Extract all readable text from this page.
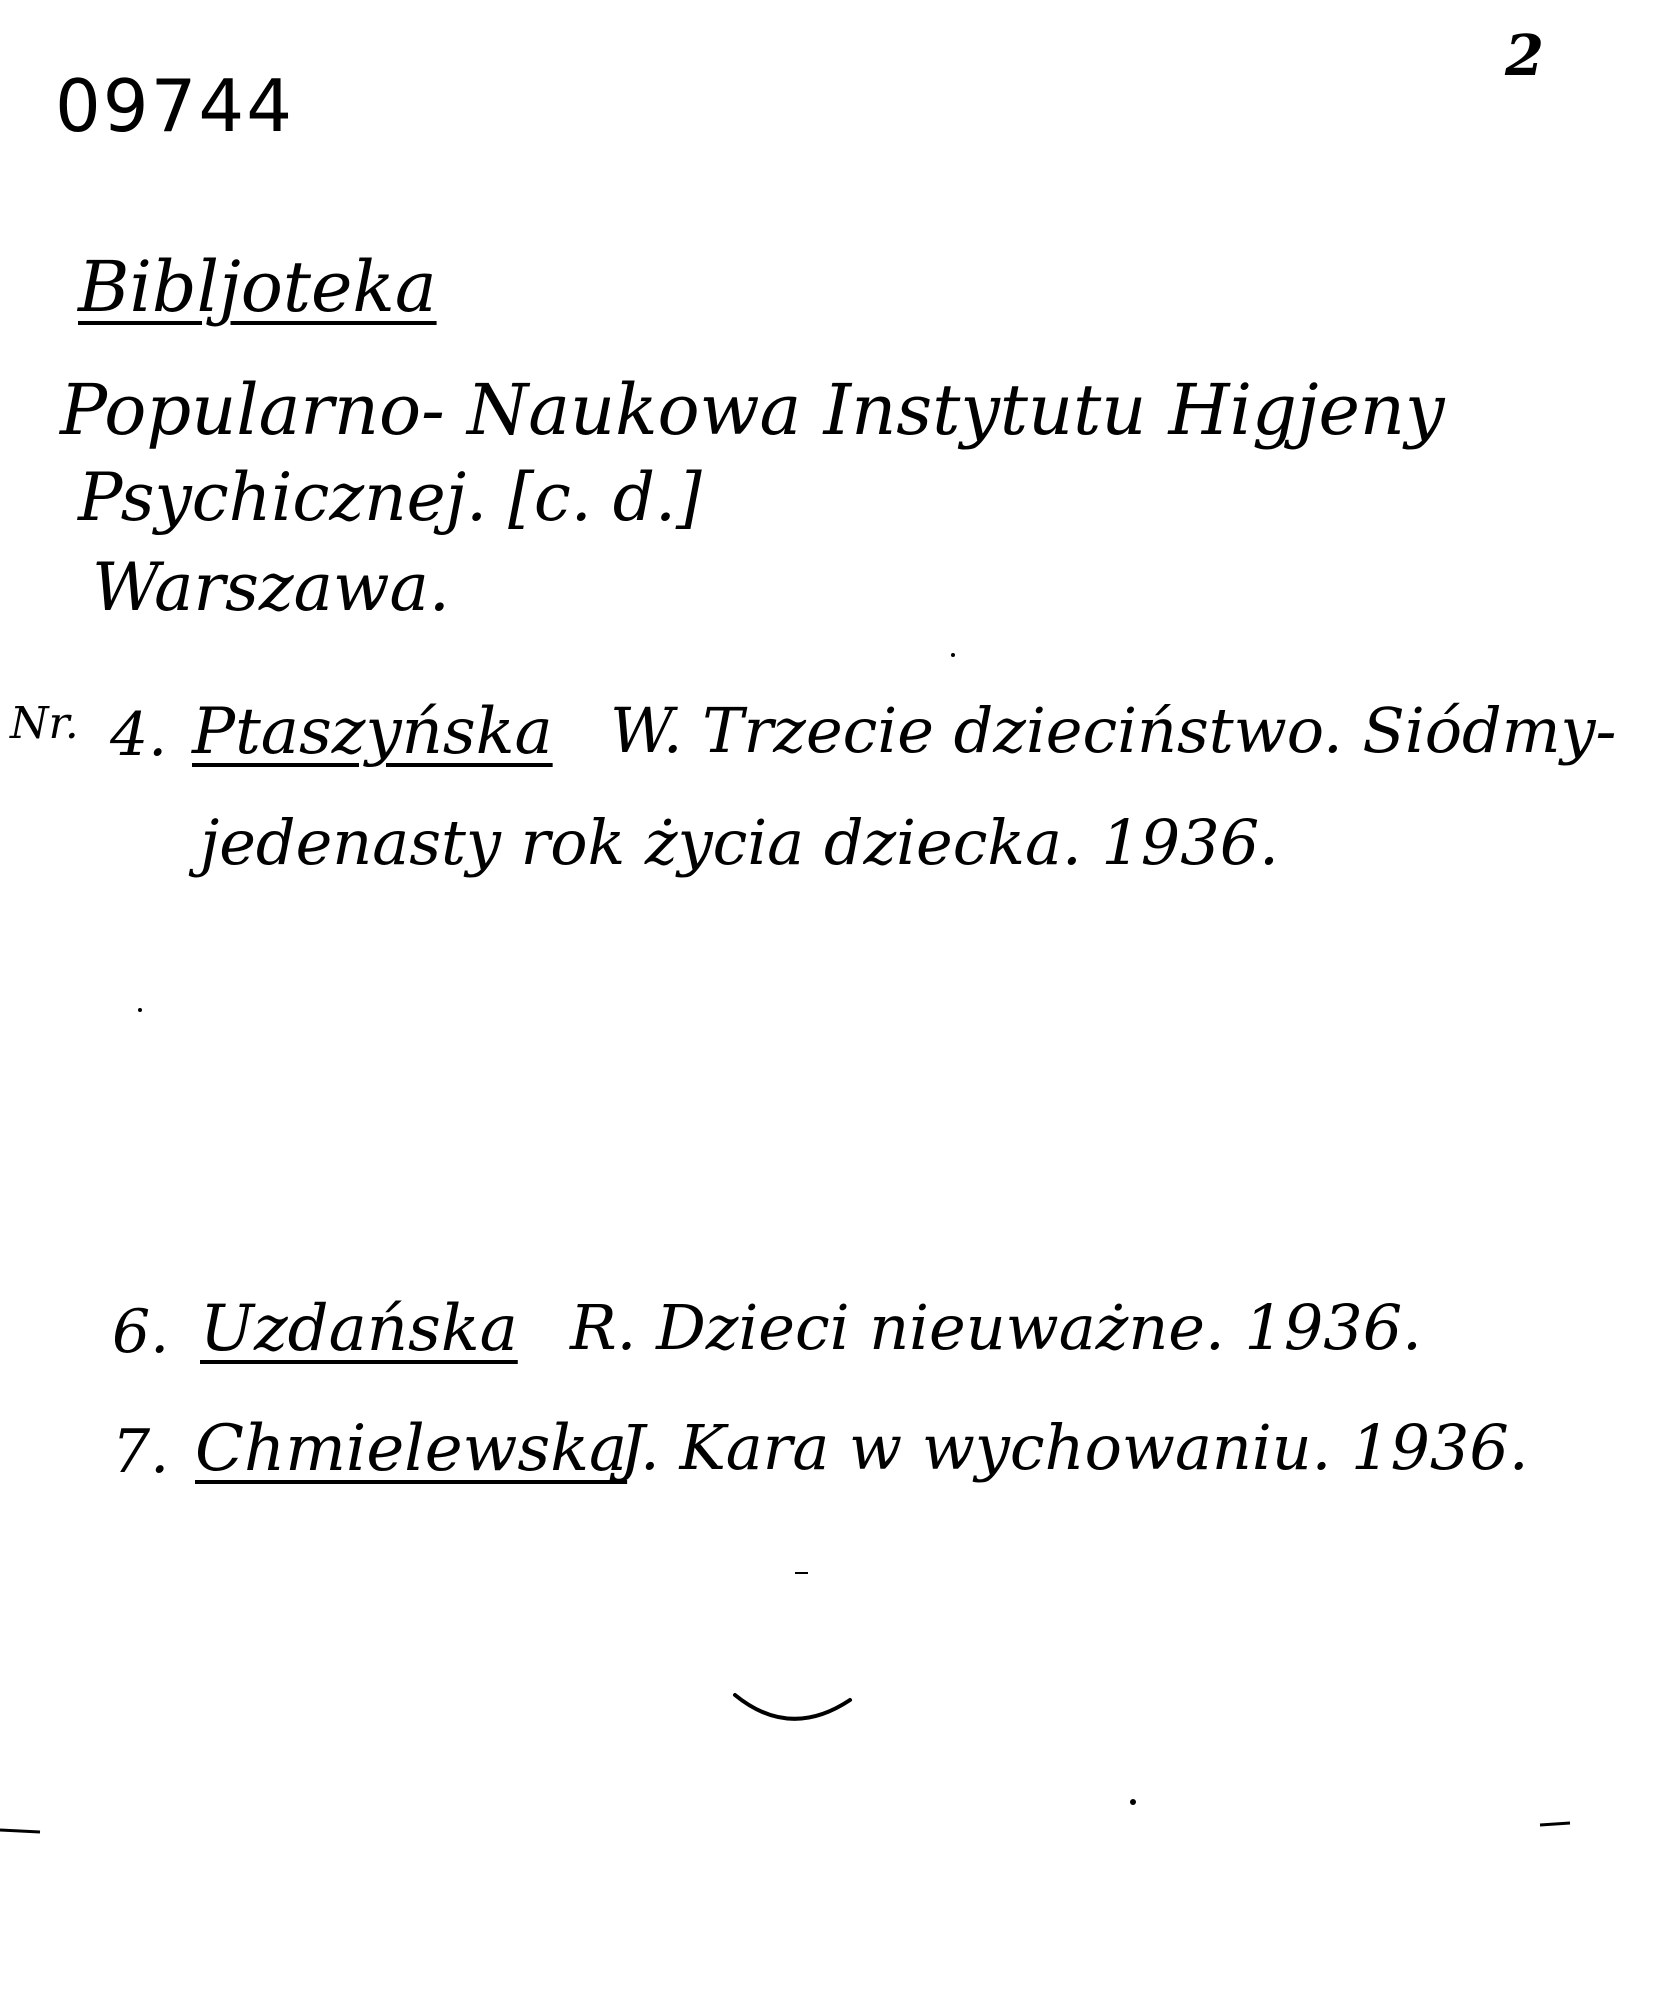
09744
2
Bibljoteka
Popularno- Naukowa Instytutu Higjeny
Psychicznej. [c. d.]
Warszawa.
Nr. 4. Ptaszyńska W. Trzecie dzieciństwo. Siódmy-
jedenasty rok życia dziecka. 1936.
6. Uzdańska R. Dzieci nieuważne. 1936.
7. Chmielewska
J. Kara w wychowaniu. 1936.
